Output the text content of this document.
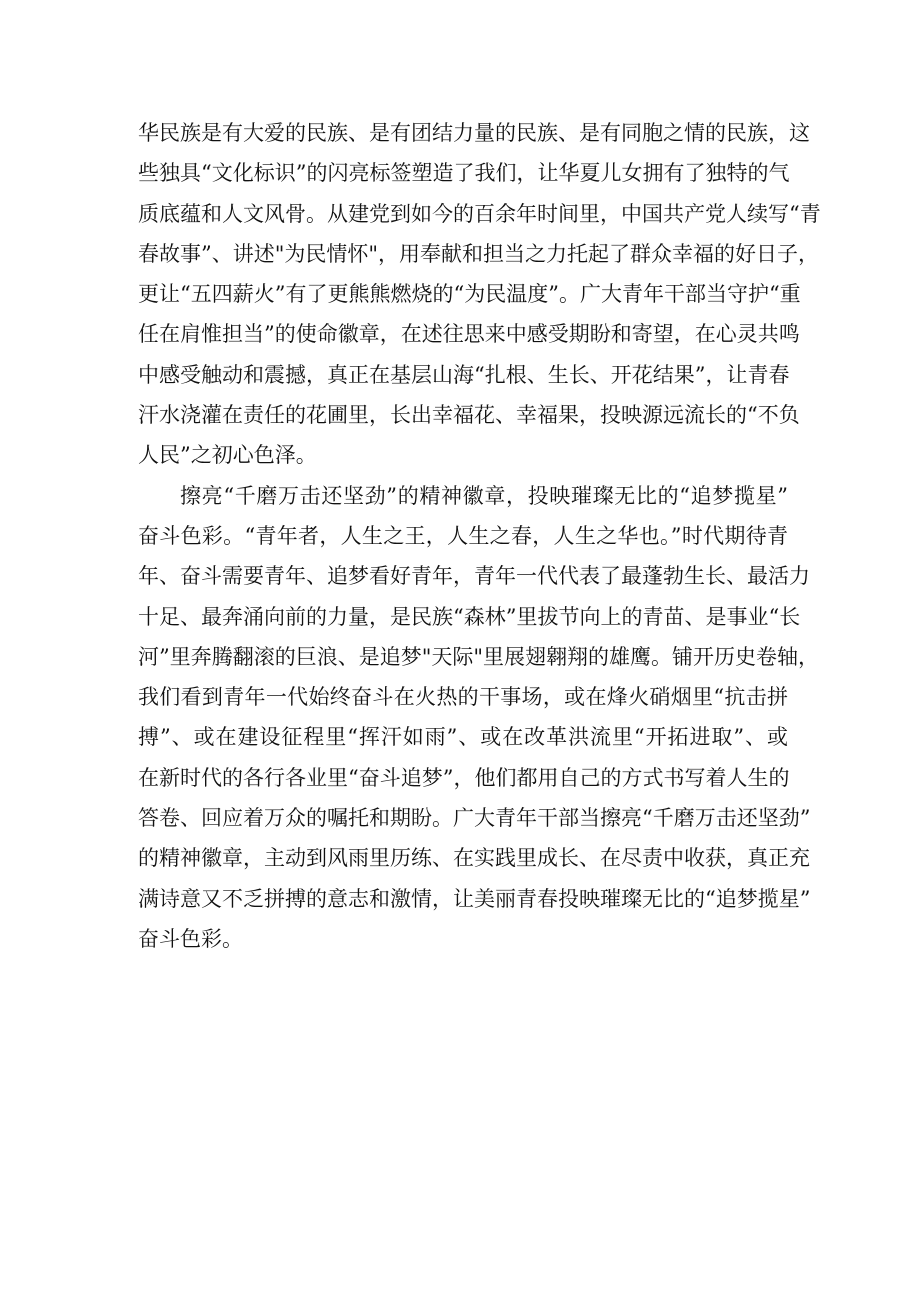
华民族是有大爱的民族、是有团结力量的民族、是有同胞之情的民族，这
些独具“文化标识”的闪亮标签塑造了我们，让华夏儿女拥有了独特的气
质底蕴和人文风骨。从建党到如今的百余年时间里，中国共产党人续写“青
春故事”、讲述"为民情怀"，用奉献和担当之力托起了群众幸福的好日子，
更让“五四薪火”有了更熊熊燃烧的“为民温度”。广大青年干部当守护“重
任在肩惟担当”的使命徽章，在述往思来中感受期盼和寄望，在心灵共鸣
中感受触动和震撼，真正在基层山海“扎根、生长、开花结果”，让青春
汗水浇灌在责任的花圃里，长出幸福花、幸福果，投映源远流长的“不负
人民”之初心色泽。
擦亮“千磨万击还坚劲”的精神徽章，投映璀璨无比的“追梦揽星”
奋斗色彩。“青年者，人生之王，人生之春，人生之华也。”时代期待青
年、奋斗需要青年、追梦看好青年，青年一代代表了最蓬勃生长、最活力
十足、最奔涌向前的力量，是民族“森林”里拔节向上的青苗、是事业“长
河”里奔腾翻滚的巨浪、是追梦"天际"里展翅翱翔的雄鹰。铺开历史卷轴，
我们看到青年一代始终奋斗在火热的干事场，或在烽火硝烟里“抗击拼
搏”、或在建设征程里“挥汗如雨”、或在改革洪流里“开拓进取”、或
在新时代的各行各业里“奋斗追梦”，他们都用自己的方式书写着人生的
答卷、回应着万众的嘱托和期盼。广大青年干部当擦亮“千磨万击还坚劲”
的精神徽章，主动到风雨里历练、在实践里成长、在尽责中收获，真正充
满诗意又不乏拼搏的意志和激情，让美丽青春投映璀璨无比的“追梦揽星”
奋斗色彩。
